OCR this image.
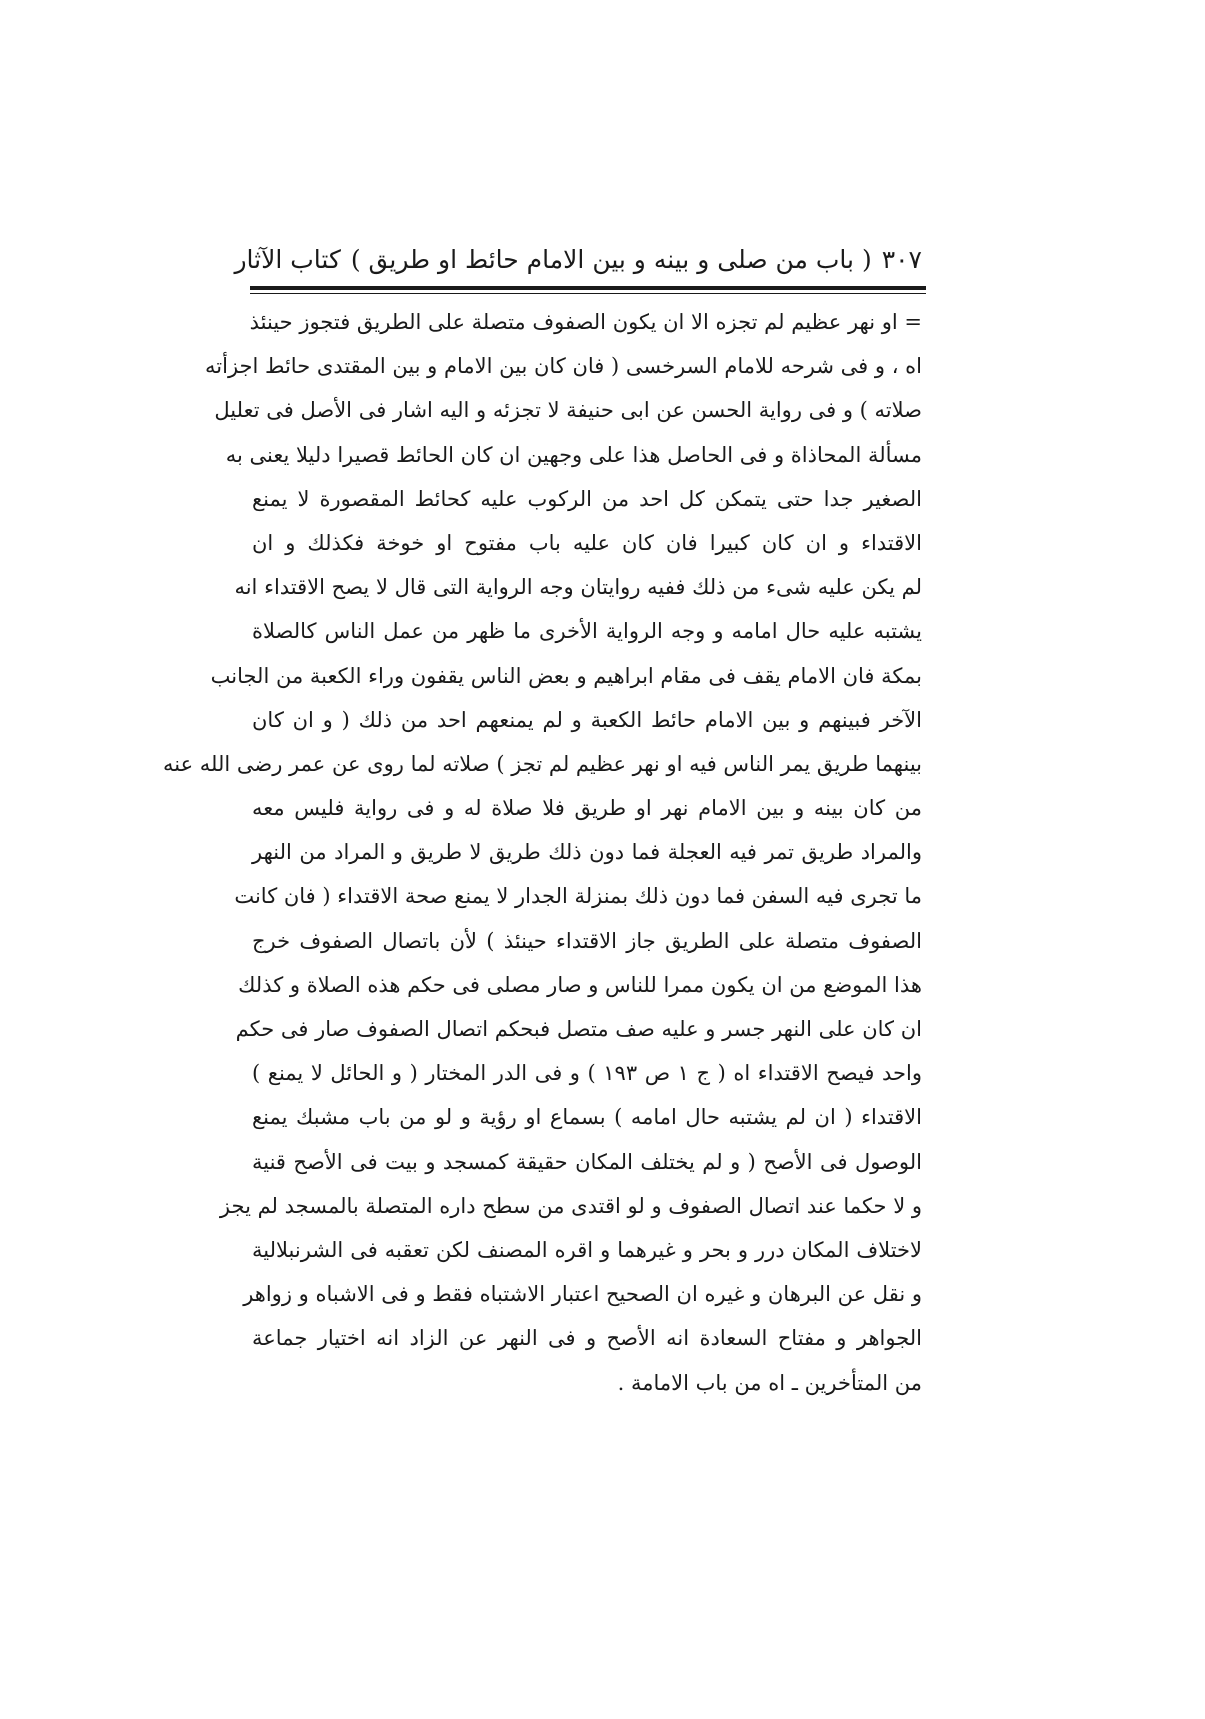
٣٠٧
( باب من صلى و بينه و بين الامام حائط او طريق )
كتاب الآثار
= او نهر عظيم لم تجزه الا ان يكون الصفوف متصلة على الطريق فتجوز حينئذ
اه ، و فى شرحه للامام السرخسى ( فان كان بين الامام و بين المقتدى حائط اجزأته
صلاته ) و فى رواية الحسن عن ابى حنيفة لا تجزئه و اليه اشار فى الأصل فى تعليل
مسألة المحاذاة و فى الحاصل هذا على وجهين ان كان الحائط قصيرا دليلا يعنى به
الصغير جدا حتى يتمكن كل احد من الركوب عليه كحائط المقصورة لا يمنع
الاقتداء و ان كان كبيرا فان كان عليه باب مفتوح او خوخة فكذلك و ان
لم يكن عليه شىء من ذلك ففيه روايتان وجه الرواية التى قال لا يصح الاقتداء انه
يشتبه عليه حال امامه و وجه الرواية الأخرى ما ظهر من عمل الناس كالصلاة
بمكة فان الامام يقف فى مقام ابراهيم و بعض الناس يقفون وراء الكعبة من الجانب
الآخر فبينهم و بين الامام حائط الكعبة و لم يمنعهم احد من ذلك ( و ان كان
بينهما طريق يمر الناس فيه او نهر عظيم لم تجز ) صلاته لما روى عن عمر رضى الله عنه
من كان بينه و بين الامام نهر او طريق فلا صلاة له و فى رواية فليس معه
والمراد طريق تمر فيه العجلة فما دون ذلك طريق لا طريق و المراد من النهر
ما تجرى فيه السفن فما دون ذلك بمنزلة الجدار لا يمنع صحة الاقتداء ( فان كانت
الصفوف متصلة على الطريق جاز الاقتداء حينئذ ) لأن باتصال الصفوف خرج
هذا الموضع من ان يكون ممرا للناس و صار مصلى فى حكم هذه الصلاة و كذلك
ان كان على النهر جسر و عليه صف متصل فبحكم اتصال الصفوف صار فى حكم
واحد فيصح الاقتداء اه ( ج ١ ص ١٩٣ ) و فى الدر المختار ( و الحائل لا يمنع )
الاقتداء ( ان لم يشتبه حال امامه ) بسماع او رؤية و لو من باب مشبك يمنع
الوصول فى الأصح ( و لم يختلف المكان حقيقة كمسجد و بيت فى الأصح قنية
و لا حكما عند اتصال الصفوف و لو اقتدى من سطح داره المتصلة بالمسجد لم يجز
لاختلاف المكان درر و بحر و غيرهما و اقره المصنف لكن تعقبه فى الشرنبلالية
و نقل عن البرهان و غيره ان الصحيح اعتبار الاشتباه فقط و فى الاشباه و زواهر
الجواهر و مفتاح السعادة انه الأصح و فى النهر عن الزاد انه اختيار جماعة
من المتأخرين ـ اه من باب الامامة .
